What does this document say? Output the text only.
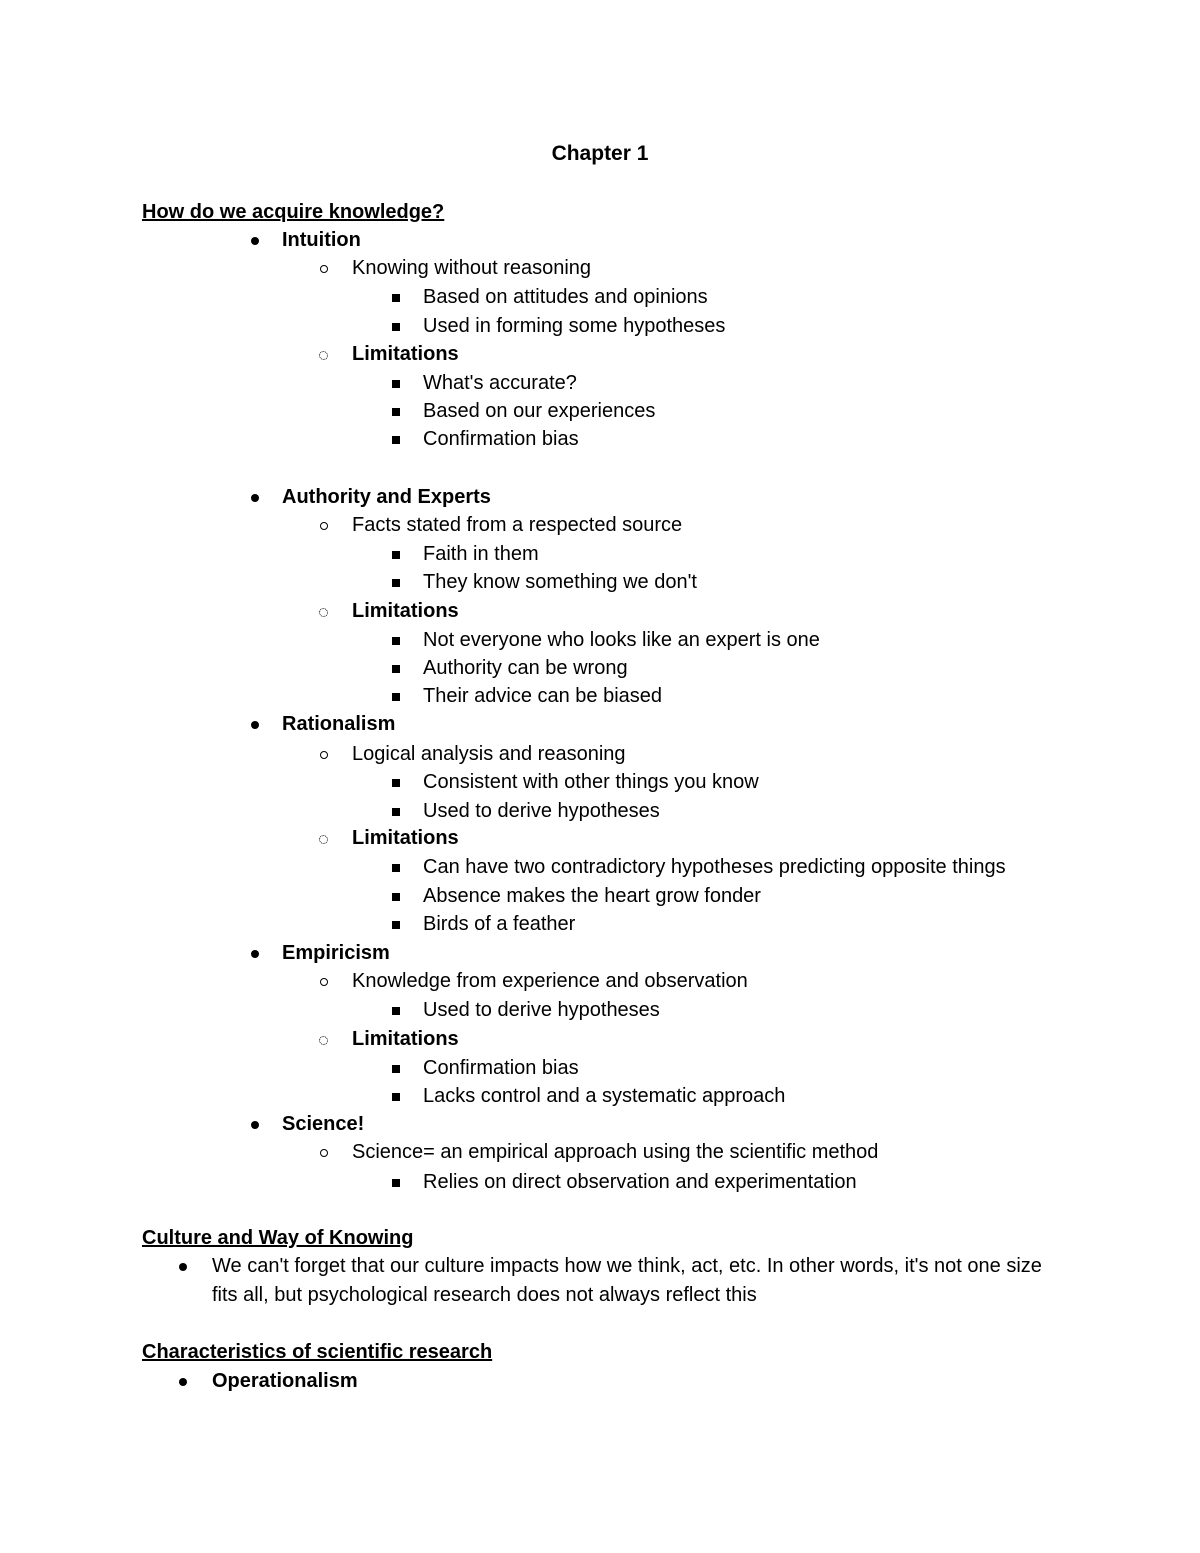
Chapter 1
How do we acquire knowledge?
Intuition
Knowing without reasoning
Based on attitudes and opinions
Used in forming some hypotheses
Limitations
What's accurate?
Based on our experiences
Confirmation bias
Authority and Experts
Facts stated from a respected source
Faith in them
They know something we don't
Limitations
Not everyone who looks like an expert is one
Authority can be wrong
Their advice can be biased
Rationalism
Logical analysis and reasoning
Consistent with other things you know
Used to derive hypotheses
Limitations
Can have two contradictory hypotheses predicting opposite things
Absence makes the heart grow fonder
Birds of a feather
Empiricism
Knowledge from experience and observation
Used to derive hypotheses
Limitations
Confirmation bias
Lacks control and a systematic approach
Science!
Science= an empirical approach using the scientific method
Relies on direct observation and experimentation
Culture and Way of Knowing
We can't forget that our culture impacts how we think, act, etc. In other words, it's not one size fits all, but psychological research does not always reflect this
Characteristics of scientific research
Operationalism
